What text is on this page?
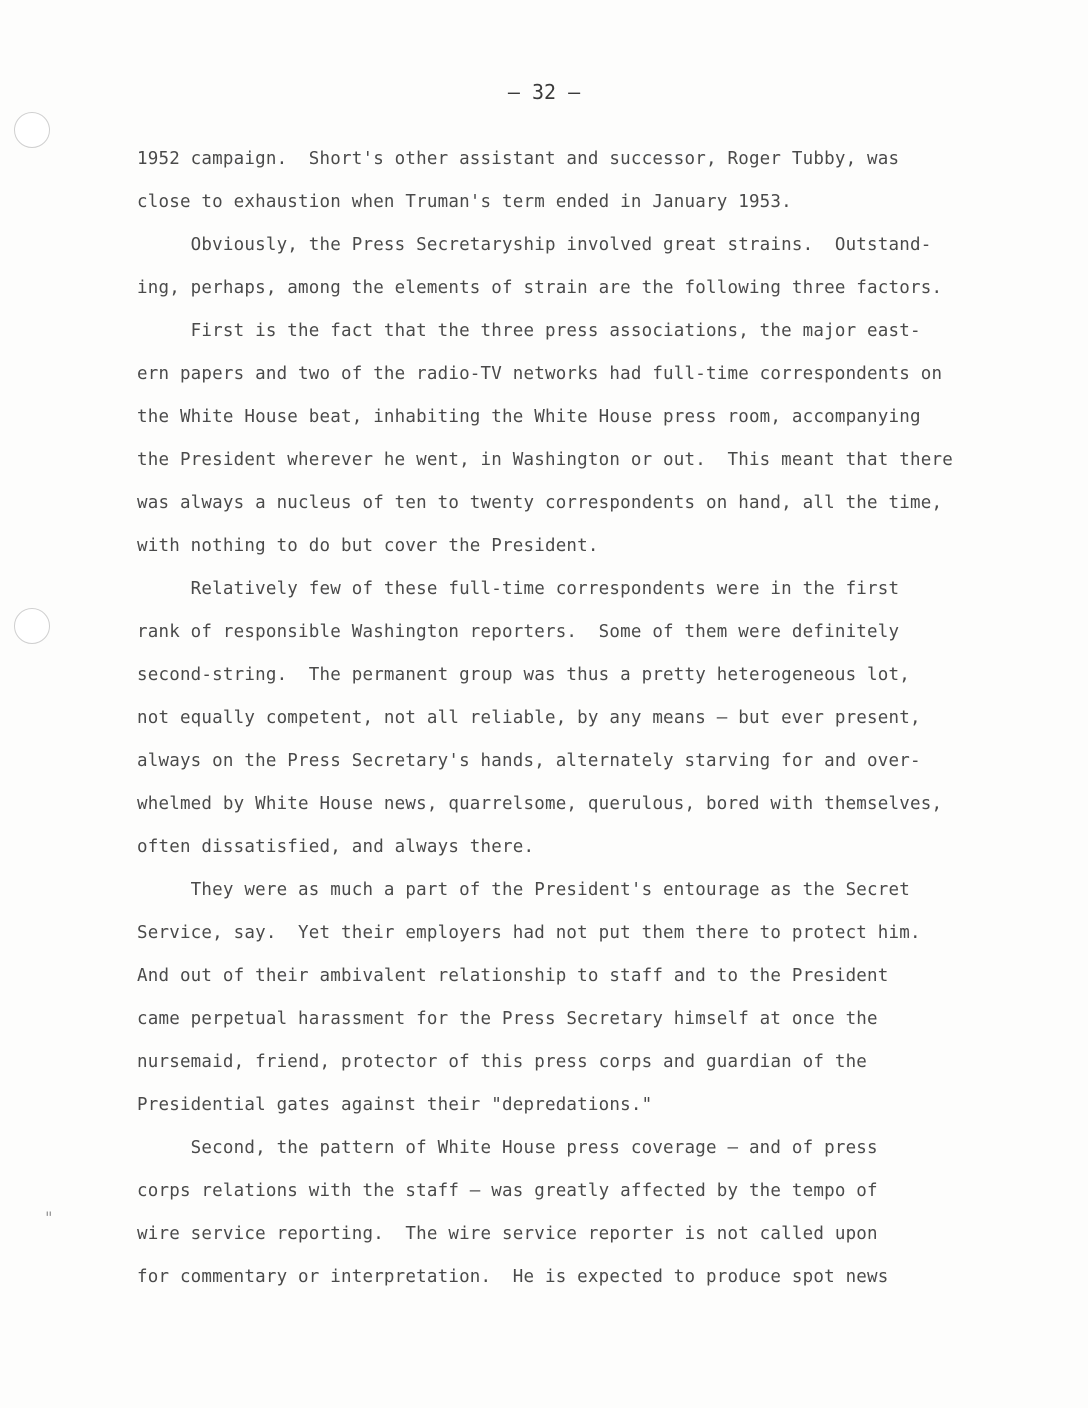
"
— 32 —
1952 campaign.  Short's other assistant and successor, Roger Tubby, was
close to exhaustion when Truman's term ended in January 1953.
Obviously, the Press Secretaryship involved great strains.  Outstand-
ing, perhaps, among the elements of strain are the following three factors.
First is the fact that the three press associations, the major east-
ern papers and two of the radio-TV networks had full-time correspondents on
the White House beat, inhabiting the White House press room, accompanying
the President wherever he went, in Washington or out.  This meant that there
was always a nucleus of ten to twenty correspondents on hand, all the time,
with nothing to do but cover the President.
Relatively few of these full-time correspondents were in the first
rank of responsible Washington reporters.  Some of them were definitely
second-string.  The permanent group was thus a pretty heterogeneous lot,
not equally competent, not all reliable, by any means — but ever present,
always on the Press Secretary's hands, alternately starving for and over-
whelmed by White House news, quarrelsome, querulous, bored with themselves,
often dissatisfied, and always there.
They were as much a part of the President's entourage as the Secret
Service, say.  Yet their employers had not put them there to protect him.
And out of their ambivalent relationship to staff and to the President
came perpetual harassment for the Press Secretary himself at once the
nursemaid, friend, protector of this press corps and guardian of the
Presidential gates against their "depredations."
Second, the pattern of White House press coverage — and of press
corps relations with the staff — was greatly affected by the tempo of
wire service reporting.  The wire service reporter is not called upon
for commentary or interpretation.  He is expected to produce spot news
